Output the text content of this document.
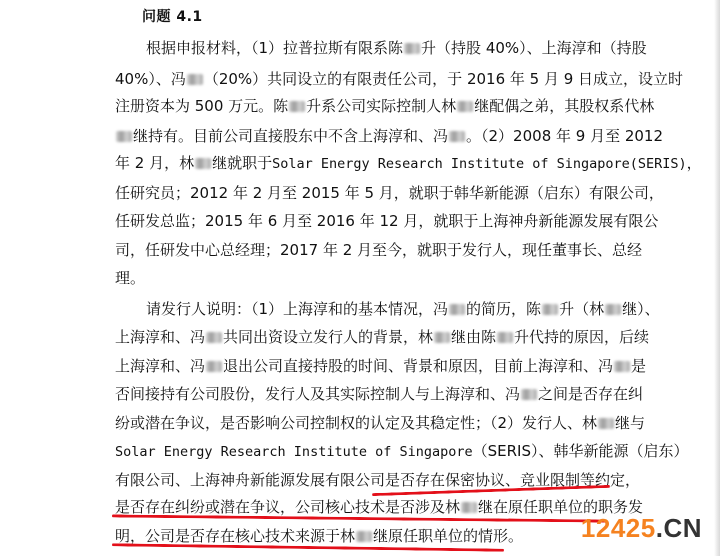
问题 4.1
根据申报材料，（1）拉普拉斯有限系陈 升（持股 40%）、上海淳和（持股
40%）、冯 （20%）共同设立的有限责任公司，于 2016 年 5 月 9 日成立，设立时
注册资本为 500 万元。陈 升系公司实际控制人林 继配偶之弟，其股权系代林
继持有。目前公司直接股东中不含上海淳和、冯 。（2）2008 年 9 月至 2012
年 2 月，林 继就职于Solar Energy Research Institute of Singapore(SERIS)，
任研究员；2012 年 2 月至 2015 年 5 月，就职于韩华新能源（启东）有限公司，
任研发总监；2015 年 6 月至 2016 年 12 月，就职于上海神舟新能源发展有限公
司，任研发中心总经理；2017 年 2 月至今，就职于发行人，现任董事长、总经
理。
请发行人说明：（1）上海淳和的基本情况，冯 的简历，陈 升（林 继）、
上海淳和、冯 共同出资设立发行人的背景，林 继由陈 升代持的原因，后续
上海淳和、冯 退出公司直接持股的时间、背景和原因，目前上海淳和、冯 是
否间接持有公司股份，发行人及其实际控制人与上海淳和、冯 之间是否存在纠
纷或潜在争议，是否影响公司控制权的认定及其稳定性；（2）发行人、林 继与
Solar Energy Research Institute of Singapore（SERIS）、韩华新能源（启东）
有限公司、上海神舟新能源发展有限公司是否存在保密协议、竞业限制等约定，
是否存在纠纷或潜在争议，公司核心技术是否涉及林 继在原任职单位的职务发
明，公司是否存在核心技术来源于林 继原任职单位的情形。 12425.CN
